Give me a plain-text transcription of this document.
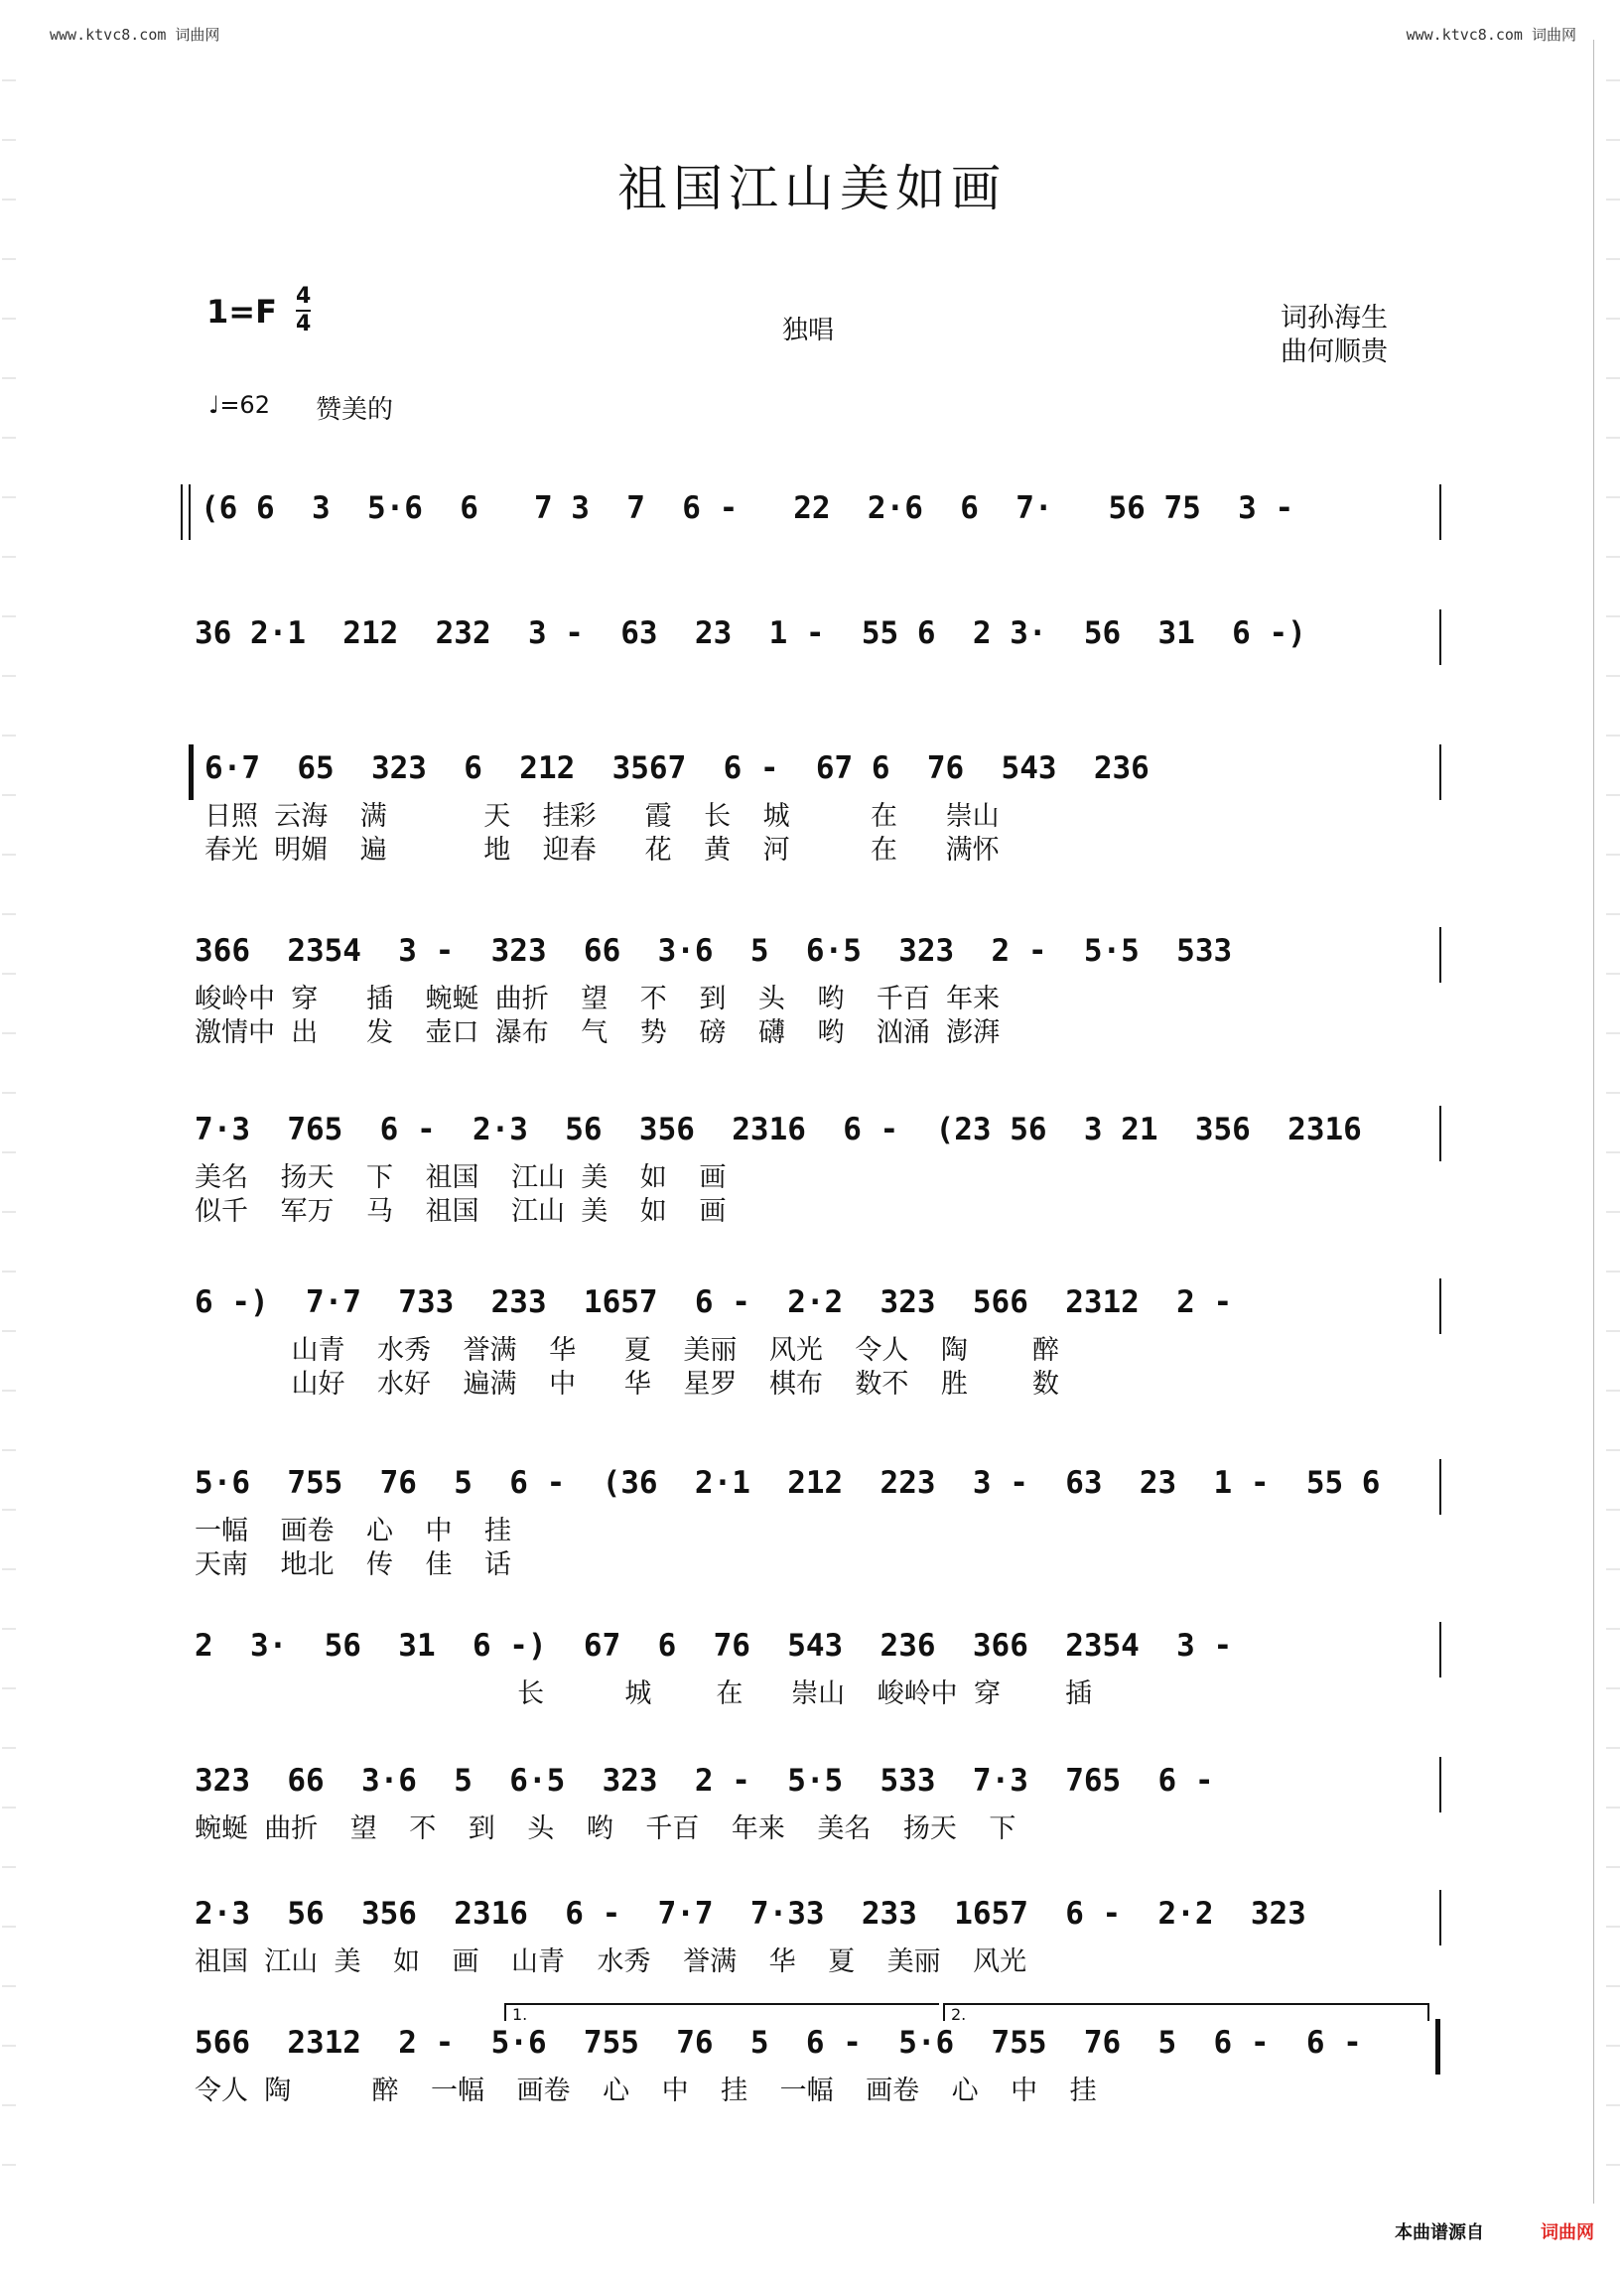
www.ktvc8.com 词曲网	www.ktvc8.com 词曲网
祖国江山美如画
1=F 4
4	独唱	词孙海生
曲何顺贵
♩=62 赞美的
(6 6  3  5·6  6   7 3  7  6 -   22  2·6  6  7·   56 75  3 -
36 2·1  212  232  3 -  63  23  1 -  55 6  2 3·  56  31  6 -)
6·7  65  323  6  212  3567  6 -  67 6  76  543  236
日照 云海  满      天  挂彩   霞  长  城     在   崇山
春光 明媚  遍      地  迎春   花  黄  河     在   满怀
366  2354  3 -  323  66  3·6  5  6·5  323  2 -  5·5  533
峻岭中 穿   插  蜿蜒 曲折  望  不  到  头  哟  千百 年来
激情中 出   发  壶口 瀑布  气  势  磅  礴  哟  汹涌 澎湃
7·3  765  6 -  2·3  56  356  2316  6 -  (23 56  3 21  356  2316
美名  扬天  下  祖国  江山 美  如  画
似千  军万  马  祖国  江山 美  如  画
6 -)  7·7  733  233  1657  6 -  2·2  323  566  2312  2 -
山青  水秀  誉满  华   夏  美丽  风光  令人  陶    醉
山好  水好  遍满  中   华  星罗  棋布  数不  胜    数
5·6  755  76  5  6 -  (36  2·1  212  223  3 -  63  23  1 -  55 6
一幅  画卷  心  中  挂
天南  地北  传  佳  话
2  3·  56  31  6 -)  67  6  76  543  236  366  2354  3 -
长     城    在   崇山  峻岭中 穿    插
323  66  3·6  5  6·5  323  2 -  5·5  533  7·3  765  6 -
蜿蜒 曲折  望  不  到  头  哟  千百  年来  美名  扬天  下
2·3  56  356  2316  6 -  7·7  7·33  233  1657  6 -  2·2  323
祖国 江山 美  如  画  山青  水秀  誉满  华  夏  美丽  风光
1.	2.
566  2312  2 -  5·6  755  76  5  6 -  5·6  755  76  5  6 -  6 -
令人 陶     醉  一幅  画卷  心  中  挂  一幅  画卷  心  中  挂
本曲谱源自	词曲网
